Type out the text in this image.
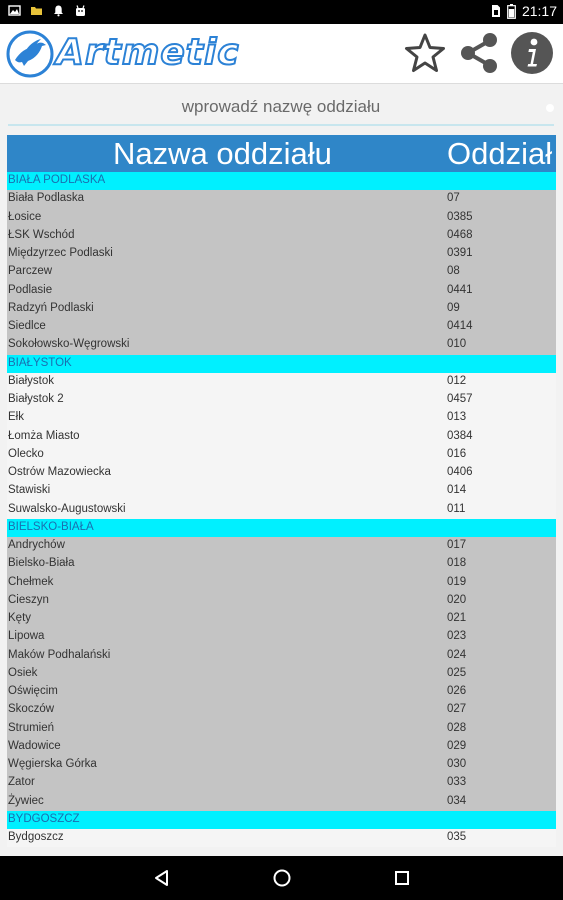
21:17
Artmetic
wprowadź nazwę oddziału
Nazwa oddziału	Oddział
BIAŁA PODLASKA
Biała Podlaska	07
Łosice	0385
ŁSK Wschód	0468
Międzyrzec Podlaski	0391
Parczew	08
Podlasie	0441
Radzyń Podlaski	09
Siedlce	0414
Sokołowsko-Węgrowski	010
BIAŁYSTOK
Białystok	012
Białystok 2	0457
Ełk	013
Łomża Miasto	0384
Olecko	016
Ostrów Mazowiecka	0406
Stawiski	014
Suwalsko-Augustowski	011
BIELSKO-BIAŁA
Andrychów	017
Bielsko-Biała	018
Chełmek	019
Cieszyn	020
Kęty	021
Lipowa	023
Maków Podhalański	024
Osiek	025
Oświęcim	026
Skoczów	027
Strumień	028
Wadowice	029
Węgierska Górka	030
Zator	033
Żywiec	034
BYDGOSZCZ
Bydgoszcz	035
